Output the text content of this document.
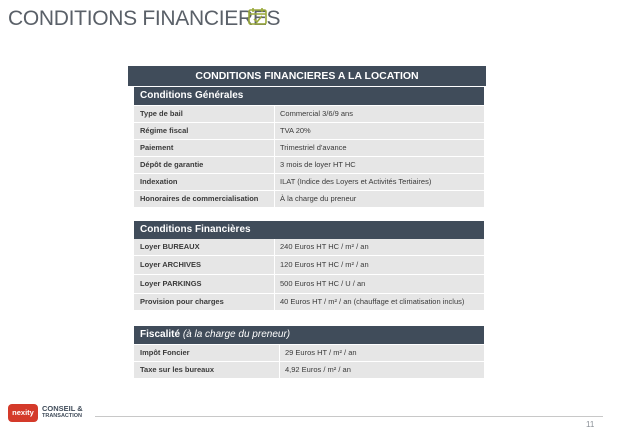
CONDITIONS FINANCIERES
CONDITIONS FINANCIERES A LA LOCATION
Conditions Générales
Type de bail	Commercial 3/6/9 ans
Régime fiscal	TVA 20%
Paiement	Trimestriel d'avance
Dépôt de garantie	3 mois de loyer HT HC
Indexation	ILAT (Indice des Loyers et Activités Tertiaires)
Honoraires de commercialisation	À la charge du preneur
Conditions Financières
Loyer BUREAUX	240 Euros HT HC / m² / an
Loyer ARCHIVES	120 Euros HT HC / m² / an
Loyer PARKINGS	500 Euros HT HC / U / an
Provision pour charges	40 Euros HT / m² / an (chauffage et climatisation inclus)
Fiscalité (à la charge du preneur)
Impôt Foncier	29 Euros HT / m² / an
Taxe sur les bureaux	4,92 Euros / m² / an
nexity	CONSEIL &
TRANSACTION
11
